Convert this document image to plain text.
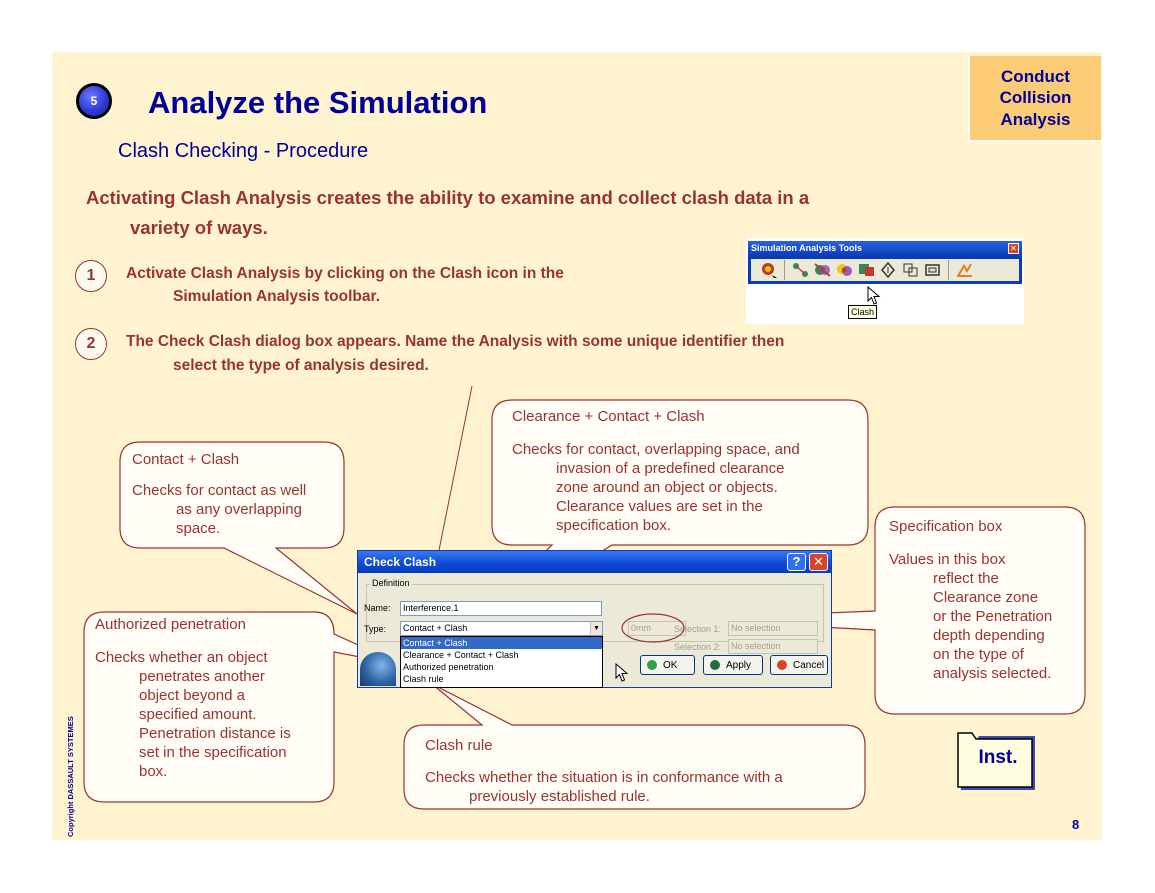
5	Analyze the Simulation
Clash Checking - Procedure
Conduct
Collision
Analysis
Activating Clash Analysis creates the ability to examine and collect clash data in a
variety of ways.
1	Activate Clash Analysis by clicking on the Clash icon in the
Simulation Analysis toolbar.
2	The Check Clash dialog box appears. Name the Analysis with some unique identifier then
select the type of analysis desired.
Simulation Analysis Tools	✕
Clash
Contact + Clash
Checks for contact as well
as any overlapping
space.
Clearance + Contact + Clash
Checks for contact, overlapping space, and
invasion of a predefined clearance
zone around an object or objects.
Clearance values are set in the
specification box.	Specification box
Values in this box
reflect the
Clearance zone
or the Penetration
depth depending
on the type of
analysis selected.
Authorized penetration
Checks whether an object
penetrates another
object beyond a
specified amount.
Penetration distance is
set in the specification
box.
Clash rule
Checks whether the situation is in conformance with a
previously established rule.
Check Clash	? ✕
Definition
Name:	Interference.1
Type:	Contact + Clash	▼	0mm	Selection 1:	No selection
Selection 2:	No selection
Contact + Clash
Clearance + Contact + Clash
Authorized penetration
Clash rule
OK	Apply	Cancel
Inst.
Copyright DASSAULT SYSTEMES	8
